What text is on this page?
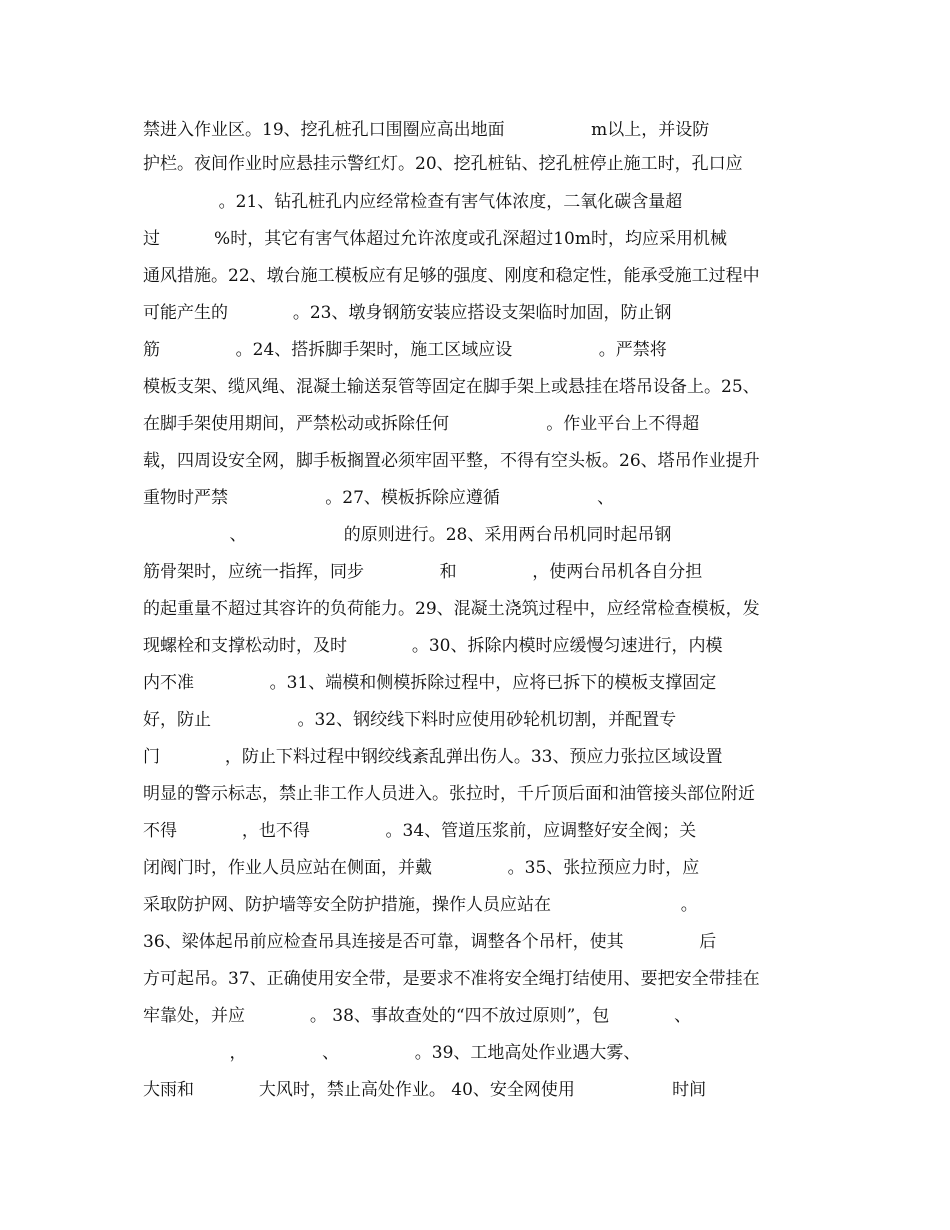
禁进入作业区。19、挖孔桩孔口围圈应高出地面                m以上，并设防
护栏。夜间作业时应悬挂示警红灯。20、挖孔桩钻、挖孔桩停止施工时，孔口应
。21、钻孔桩孔内应经常检查有害气体浓度，二氧化碳含量超
过          %时，其它有害气体超过允许浓度或孔深超过10m时，均应采用机械
通风措施。22、墩台施工模板应有足够的强度、刚度和稳定性，能承受施工过程中
可能产生的            。23、墩身钢筋安装应搭设支架临时加固，防止钢
筋              。24、搭拆脚手架时，施工区域应设                。严禁将
模板支架、缆风绳、混凝土输送泵管等固定在脚手架上或悬挂在塔吊设备上。25、
在脚手架使用期间，严禁松动或拆除任何                  。作业平台上不得超
载，四周设安全网，脚手板搁置必须牢固平整，不得有空头板。26、塔吊作业提升
重物时严禁                  。27、模板拆除应遵循                  、
、                  的原则进行。28、采用两台吊机同时起吊钢
筋骨架时，应统一指挥，同步              和              ，使两台吊机各自分担
的起重量不超过其容许的负荷能力。29、混凝土浇筑过程中，应经常检查模板，发
现螺栓和支撑松动时，及时            。30、拆除内模时应缓慢匀速进行，内模
内不准              。31、端模和侧模拆除过程中，应将已拆下的模板支撑固定
好，防止                。32、钢绞线下料时应使用砂轮机切割，并配置专
门            ，防止下料过程中钢绞线紊乱弹出伤人。33、预应力张拉区域设置
明显的警示标志，禁止非工作人员进入。张拉时，千斤顶后面和油管接头部位附近
不得            ，也不得              。34、管道压浆前，应调整好安全阀；关
闭阀门时，作业人员应站在侧面，并戴              。35、张拉预应力时，应
采取防护网、防护墙等安全防护措施，操作人员应站在                        。
36、梁体起吊前应检查吊具连接是否可靠，调整各个吊杆，使其              后
方可起吊。37、正确使用安全带，是要求不准将安全绳打结使用、要把安全带挂在
牢靠处，并应            。 38、事故查处的“四不放过原则”，包            、
，              、              。39、工地高处作业遇大雾、
大雨和            大风时，禁止高处作业。 40、安全网使用                  时间
